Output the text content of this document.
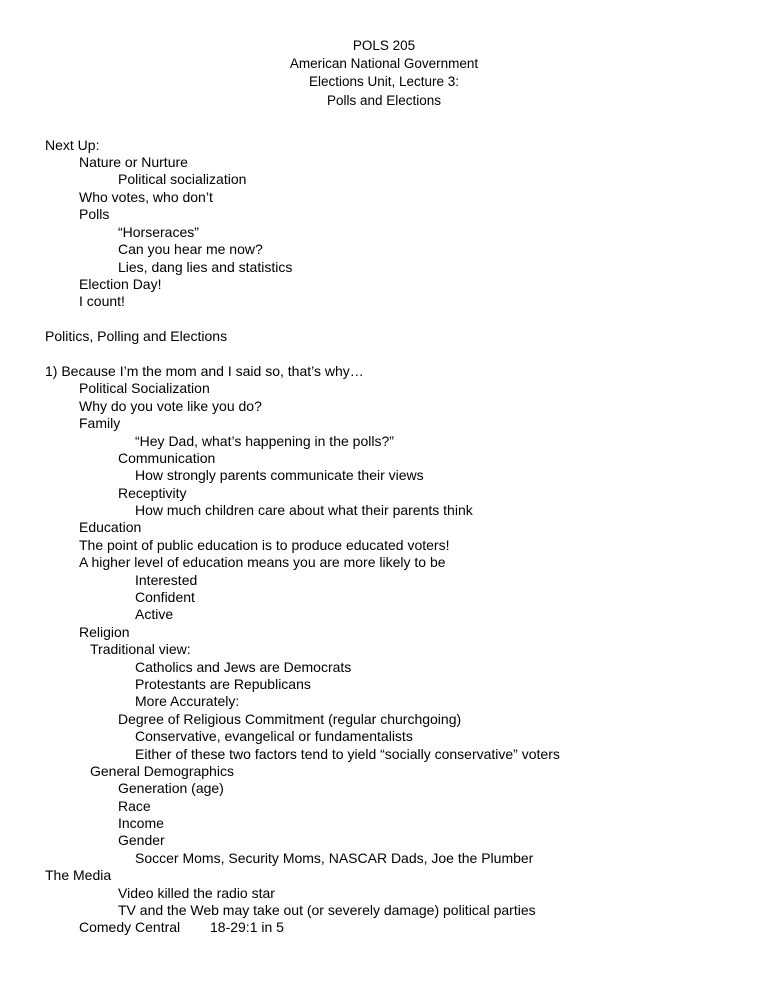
POLS 205
American National Government
Elections Unit, Lecture 3:
Polls and Elections
Next Up:
Nature or Nurture
Political socialization
Who votes, who don’t
Polls
“Horseraces”
Can you hear me now?
Lies, dang lies and statistics
Election Day!
I count!
Politics, Polling and Elections
1) Because I’m the mom and I said so, that’s why…
Political Socialization
Why do you vote like you do?
Family
“Hey Dad, what’s happening in the polls?”
Communication
How strongly parents communicate their views
Receptivity
How much children care about what their parents think
Education
The point of public education is to produce educated voters!
A higher level of education means you are more likely to be
Interested
Confident
Active
Religion
Traditional view:
Catholics and Jews are Democrats
Protestants are Republicans
More Accurately:
Degree of Religious Commitment (regular churchgoing)
Conservative, evangelical or fundamentalists
Either of these two factors tend to yield “socially conservative” voters
General Demographics
Generation (age)
Race
Income
Gender
Soccer Moms, Security Moms, NASCAR Dads, Joe the Plumber
The Media
Video killed the radio star
TV and the Web may take out (or severely damage) political parties
Comedy Central 18-29:1 in 5
